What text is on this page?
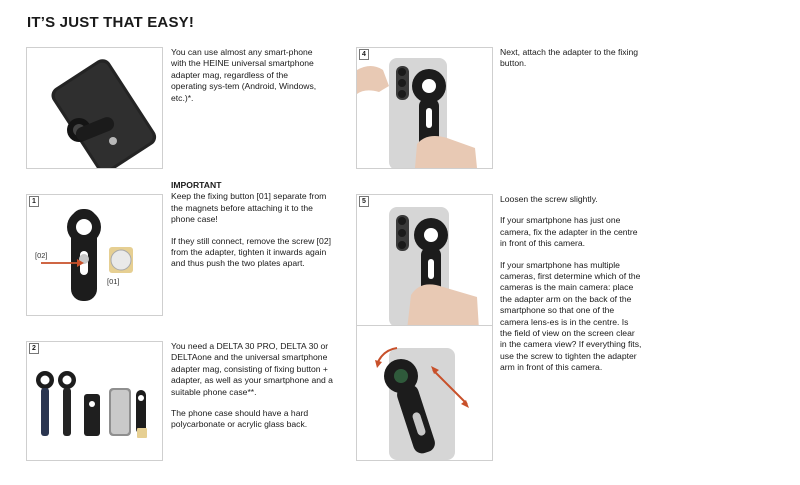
IT’S JUST THAT EASY!

You can use almost any smart-phone with the HEINE universal smartphone adapter mag, regardless of the operating sys-tem (Android, Windows, etc.)*.

1
[02]
[01]

IMPORTANT

Keep the fixing button [01] separate from the magnets before attaching it to the phone case!

If they still connect, remove the screw [02] from the adapter, tighten it inwards again and thus push the two plates apart.

2	You need a DELTA 30 PRO, DELTA 30 or DELTAone and the universal smartphone adapter mag, consisting of fixing button + adapter, as well as your smartphone and a suitable phone case**.

The phone case should have a hard polycarbonate or acrylic glass back.

4	Next, attach the adapter to the fixing button.

5	Loosen the screw slightly.

If your smartphone has just one camera, fix the adapter in the centre in front of this camera.

If your smartphone has multiple cameras, first determine which of the cameras is the main camera: place the adapter arm on the back of the smartphone so that one of the camera lens-es is in the centre. Is the field of view on the screen clear in the camera view? If everything fits, use the screw to tighten the adapter arm in front of this camera.
